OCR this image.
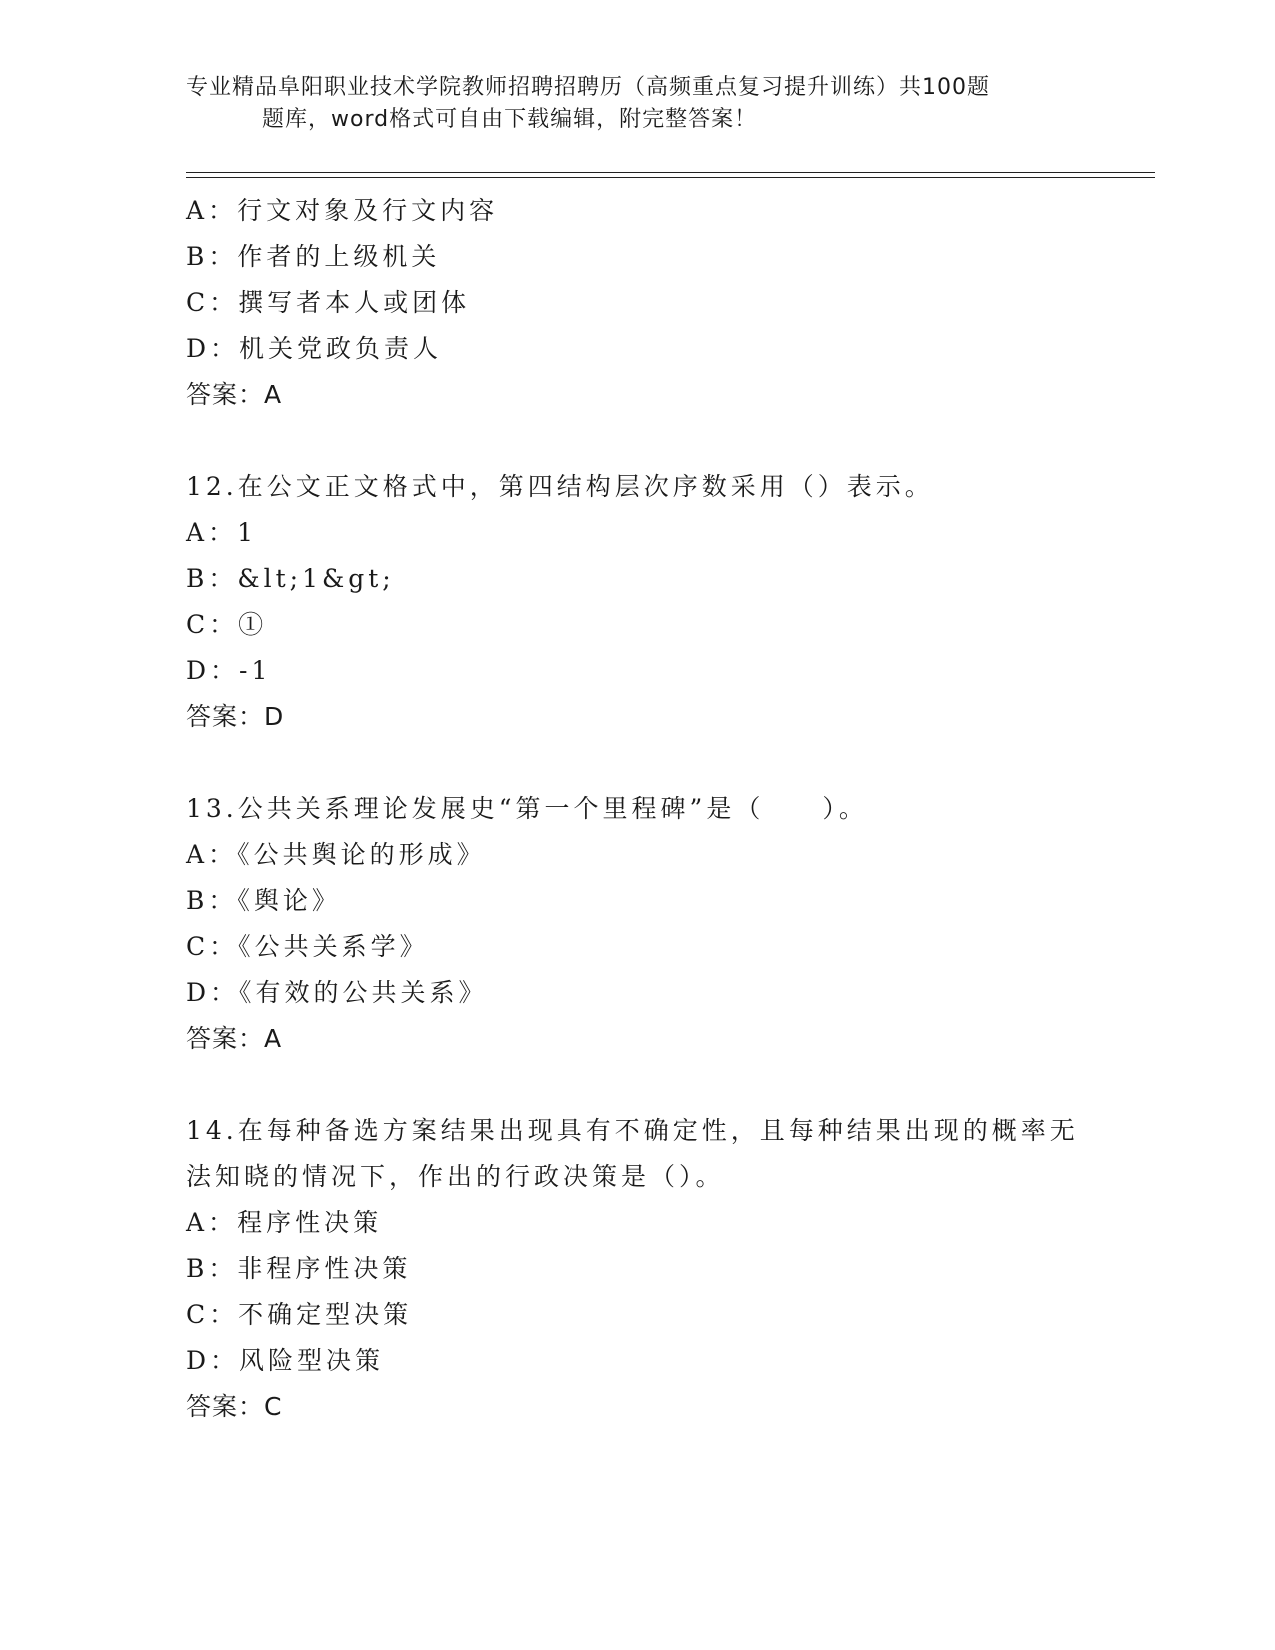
专业精品阜阳职业技术学院教师招聘招聘历（高频重点复习提升训练）共100题
题库，word格式可自由下载编辑，附完整答案！
A：行文对象及行文内容
B：作者的上级机关
C：撰写者本人或团体
D：机关党政负责人
答案：A
12.在公文正文格式中，第四结构层次序数采用（）表示。
A：1
B：&lt;1&gt;
C：①
D：-1
答案：D
13.公共关系理论发展史“第一个里程碑”是（　　）。
A：《公共舆论的形成》
B：《舆论》
C：《公共关系学》
D：《有效的公共关系》
答案：A
14.在每种备选方案结果出现具有不确定性，且每种结果出现的概率无
法知晓的情况下，作出的行政决策是（）。
A：程序性决策
B：非程序性决策
C：不确定型决策
D：风险型决策
答案：C
